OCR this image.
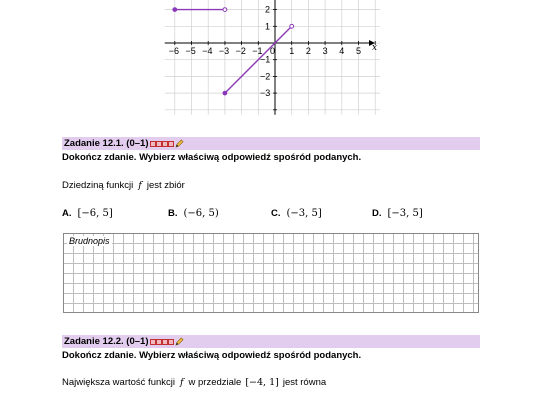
−6 −5 −4 −3 −2 −1 0 1 2 3 4 5
2
1
−1
−2
−3
x
Zadanie 12.1. (0–1)
Dokończ zdanie. Wybierz właściwą odpowiedź spośród podanych.
Dziedziną funkcji f jest zbiór
A. [−6, 5]	B. (−6, 5)	C. (−3, 5]	D. [−3, 5]
Brudnopis
Zadanie 12.2. (0–1)
Dokończ zdanie. Wybierz właściwą odpowiedź spośród podanych.
Największa wartość funkcji f w przedziale [−4, 1] jest równa
